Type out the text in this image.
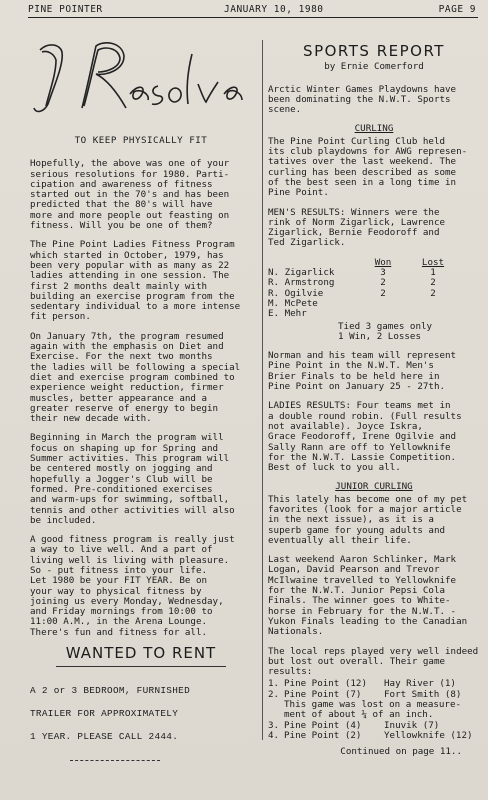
PINE POINTER	JANUARY 10, 1980	PAGE 9
TO KEEP PHYSICALLY FIT

Hopefully, the above was one of your
serious resolutions for 1980. Parti-
cipation and awareness of fitness
started out in the 70's and has been
predicted that the 80's will have
more and more people out feasting on
fitness. Will you be one of them?

The Pine Point Ladies Fitness Program
which started in October, 1979, has
been very popular with as many as 22
ladies attending in one session. The
first 2 months dealt mainly with
building an exercise program from the
sedentary individual to a more intense
fit person.

On January 7th, the program resumed
again with the emphasis on Diet and
Exercise. For the next two months
the ladies will be following a special
diet and exercise program combined to
experience weight reduction, firmer
muscles, better appearance and a
greater reserve of energy to begin
their new decade with.

Beginning in March the program will
focus on shaping up for Spring and
Summer activities. This program will
be centered mostly on jogging and
hopefully a Jogger's Club will be
formed. Pre-conditioned exercises
and warm-ups for swimming, softball,
tennis and other activities will also
be included.

A good fitness program is really just
a way to live well. And a part of
living well is living with pleasure.
So - put fitness into your life.
Let 1980 be your FIT YEAR. Be on
your way to physical fitness by
joining us every Monday, Wednesday,
and Friday mornings from 10:00 to
11:00 A.M., in the Arena Lounge.
There's fun and fitness for all.

WANTED TO RENT
A 2 or 3 BEDROOM, FURNISHED
TRAILER FOR APPROXIMATELY
1 YEAR. PLEASE CALL 2444.
SPORTS REPORT
by Ernie Comerford

Arctic Winter Games Playdowns have
been dominating the N.W.T. Sports
scene.

CURLING

The Pine Point Curling Club held
its club playdowns for AWG represen-
tatives over the last weekend. The
curling has been described as some
of the best seen in a long time in
Pine Point.

MEN'S RESULTS: Winners were the
rink of Norm Zigarlick, Lawrence
Zigarlick, Bernie Feodoroff and
Ted Zigarlick.

	Won	Lost
N. Zigarlick	3	1
R. Armstrong	2	2
R. Ogilvie	2	2
M. McPete		
E. Mehr		
Tied 3 games only
1 Win, 2 Losses

Norman and his team will represent
Pine Point in the N.W.T. Men's
Brier Finals to be held here in
Pine Point on January 25 - 27th.

LADIES RESULTS: Four teams met in
a double round robin. (Full results
not available). Joyce Iskra,
Grace Feodoroff, Irene Ogilvie and
Sally Rann are off to Yellowknife
for the N.W.T. Lassie Competition.
Best of luck to you all.

JUNIOR CURLING

This lately has become one of my pet
favorites (look for a major article
in the next issue), as it is a
superb game for young adults and
eventually all their life.

Last weekend Aaron Schlinker, Mark
Logan, David Pearson and Trevor
McIlwaine travelled to Yellowknife
for the N.W.T. Junior Pepsi Cola
Finals. The winner goes to White-
horse in February for the N.W.T. -
Yukon Finals leading to the Canadian
Nationals.

The local reps played very well indeed
but lost out overall. Their game
results:

1. Pine Point (12)	Hay River (1)
2. Pine Point (7)	Fort Smith (8)
This game was lost on a measure-
ment of about ¼ of an inch.
3. Pine Point (4)	Inuvik (7)
4. Pine Point (2)	Yellowknife (12)
Continued on page 11..
